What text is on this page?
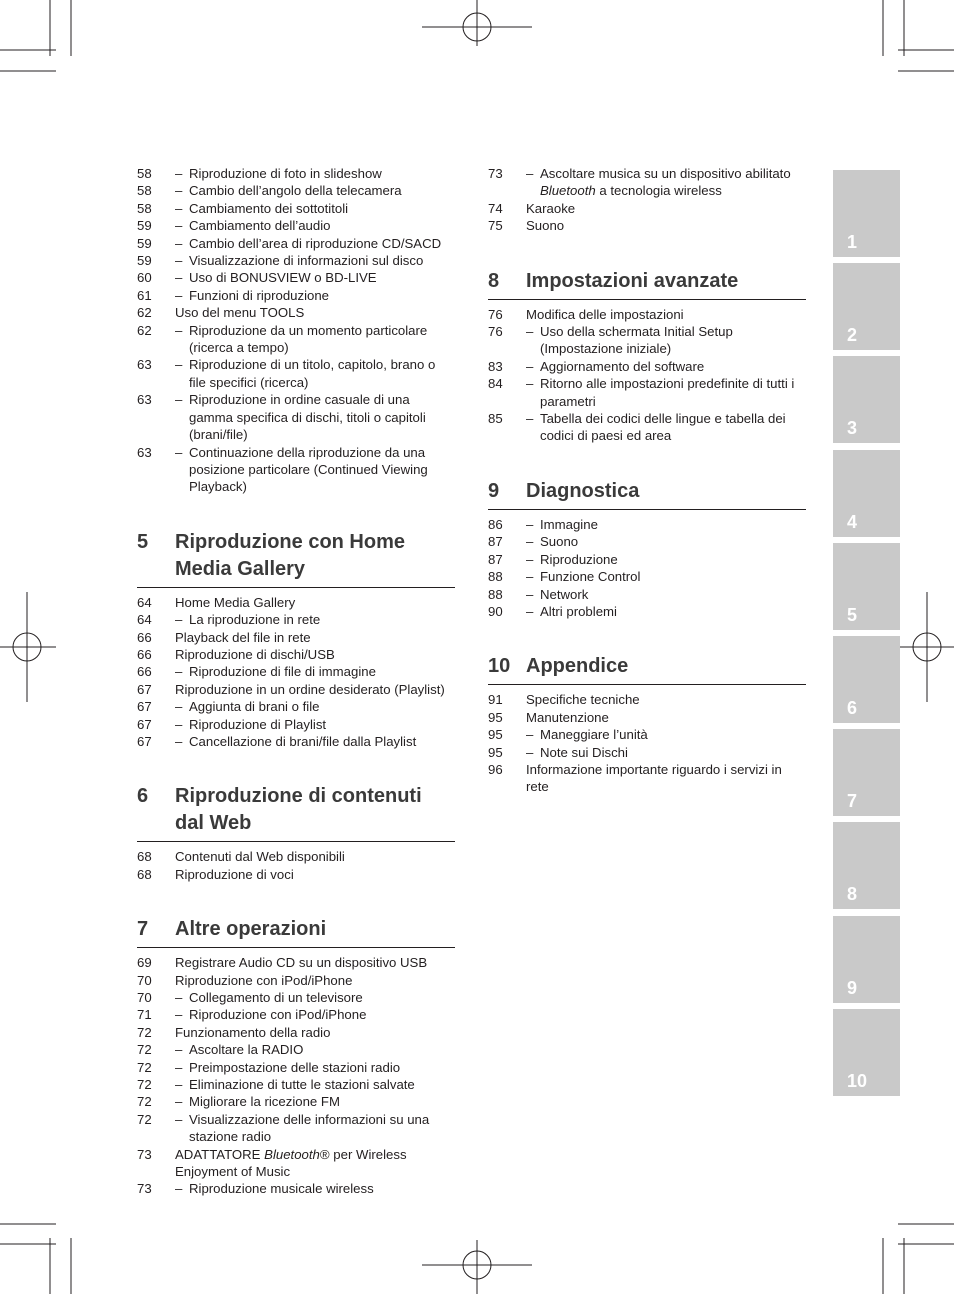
58	– Riproduzione di foto in slideshow
58	– Cambio dell’angolo della telecamera
58	– Cambiamento dei sottotitoli
59	– Cambiamento dell’audio
59	– Cambio dell’area di riproduzione CD/SACD
59	– Visualizzazione di informazioni sul disco
60	– Uso di BONUSVIEW o BD-LIVE
61	– Funzioni di riproduzione
62	Uso del menu TOOLS
62	– Riproduzione da un momento particolare (ricerca a tempo)
63	– Riproduzione di un titolo, capitolo, brano o file specifici (ricerca)
63	– Riproduzione in ordine casuale di una gamma specifica di dischi, titoli o capitoli (brani/file)
63	– Continuazione della riproduzione da una posizione particolare (Continued Viewing Playback)
5	Riproduzione con Home Media Gallery
64	Home Media Gallery
64	– La riproduzione in rete
66	Playback del file in rete
66	Riproduzione di dischi/USB
66	– Riproduzione di file di immagine
67	Riproduzione in un ordine desiderato (Playlist)
67	– Aggiunta di brani o file
67	– Riproduzione di Playlist
67	– Cancellazione di brani/file dalla Playlist
6	Riproduzione di contenuti dal Web
68	Contenuti dal Web disponibili
68	Riproduzione di voci
7	Altre operazioni
69	Registrare Audio CD su un dispositivo USB
70	Riproduzione con iPod/iPhone
70	– Collegamento di un televisore
71	– Riproduzione con iPod/iPhone
72	Funzionamento della radio
72	– Ascoltare la RADIO
72	– Preimpostazione delle stazioni radio
72	– Eliminazione di tutte le stazioni salvate
72	– Migliorare la ricezione FM
72	– Visualizzazione delle informazioni su una stazione radio
73	ADATTATORE Bluetooth® per Wireless Enjoyment of Music
73	– Riproduzione musicale wireless
73	– Ascoltare musica su un dispositivo abilitato Bluetooth a tecnologia wireless
74	Karaoke
75	Suono
8	Impostazioni avanzate
76	Modifica delle impostazioni
76	– Uso della schermata Initial Setup (Impostazione iniziale)
83	– Aggiornamento del software
84	– Ritorno alle impostazioni predefinite di tutti i parametri
85	– Tabella dei codici delle lingue e tabella dei codici di paesi ed area
9	Diagnostica
86	– Immagine
87	– Suono
87	– Riproduzione
88	– Funzione Control
88	– Network
90	– Altri problemi
10 Appendice
91	Specifiche tecniche
95	Manutenzione
95	– Maneggiare l’unità
95	– Note sui Dischi
96	Informazione importante riguardo i servizi in rete
1
2
3
4
5
6
7
8
9
10
